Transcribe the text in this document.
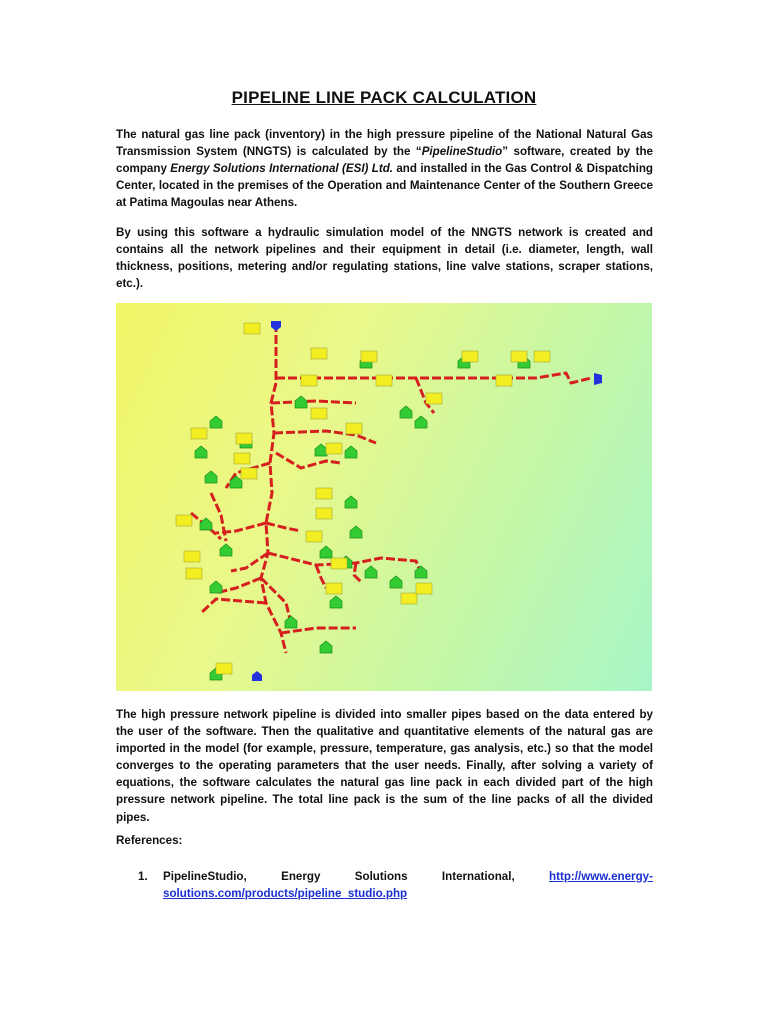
PIPELINE LINE PACK CALCULATION

The natural gas line pack (inventory) in the high pressure pipeline of the National Natural Gas Transmission System (NNGTS) is calculated by the “PipelineStudio” software, created by the company Energy Solutions International (ESI) Ltd. and installed in the Gas Control & Dispatching Center, located in the premises of the Operation and Maintenance Center of the Southern Greece at Patima Magoulas near Athens.

By using this software a hydraulic simulation model of the NNGTS network is created and contains all the network pipelines and their equipment in detail (i.e. diameter, length, wall thickness, positions, metering and/or regulating stations, line valve stations, scraper stations, etc.).

The high pressure network pipeline is divided into smaller pipes based on the data entered by the user of the software. Then the qualitative and quantitative elements of the natural gas are imported in the model (for example, pressure, temperature, gas analysis, etc.) so that the model converges to the operating parameters that the user needs. Finally, after solving a variety of equations, the software calculates the natural gas line pack in each divided part of the high pressure network pipeline. The total line pack is the sum of the line packs of all the divided pipes.

References:

1. PipelineStudio,	Energy	Solutions	International,	http://www.energy-
solutions.com/products/pipeline_studio.php
